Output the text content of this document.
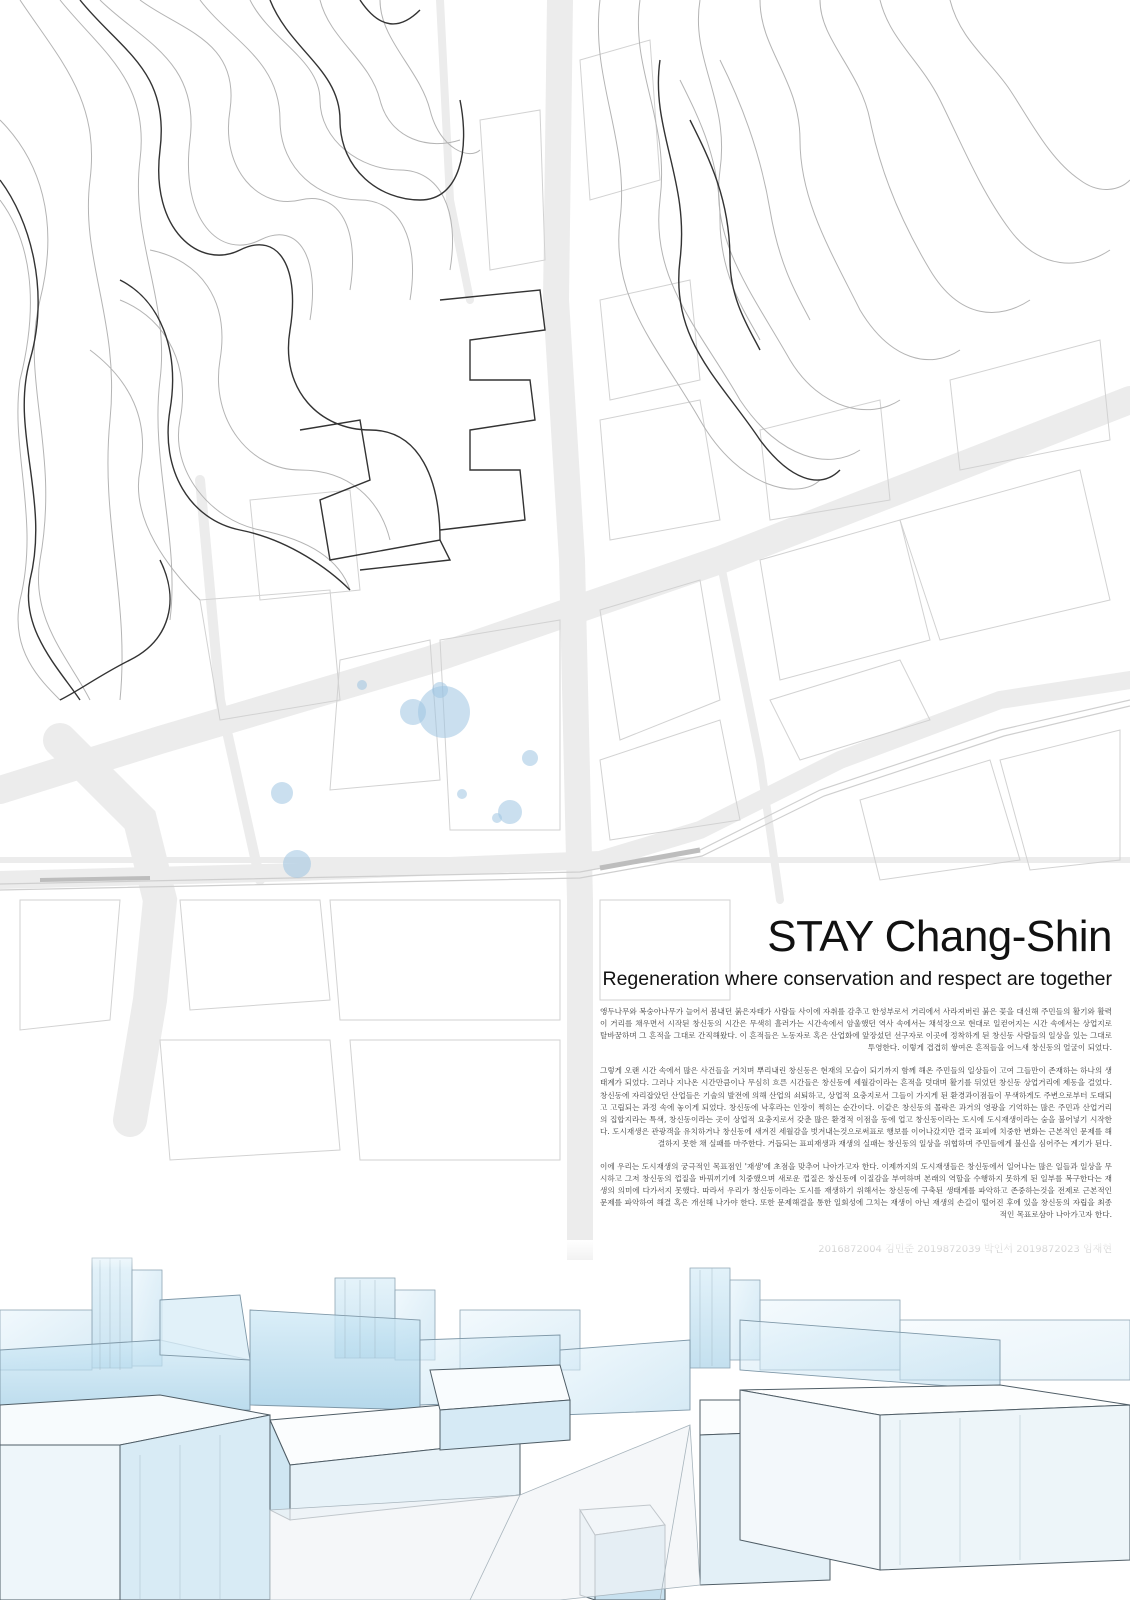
STAY Chang-Shin
Regeneration where conservation and respect are together

앵두나무와 복숭아나무가 늘어서 봄내던 붉은자태가 사람들 사이에 자취를 감추고 한성부로서 거리에서 사라져버린 붉은 꽃을 대신해 주민들의 활기와 활력이 거리를 채우면서 시작된 창신동의 시간은 무색히 흘러가는 시간속에서 암울했던 역사 속에서는 채석장으로 현대로 일컫어지는 시간 속에서는 상업지로 탈바꿈하며 그 흔적을 그대로 간직해왔다. 이 흔적들은 노동자로 혹은 산업화에 앞장섰던 선구자로 이곳에 정착하게 된 창신동 사람들의 일상을 있는 그대로 투영한다. 이렇게 겹겹히 쌓여온 흔적들을 어느새 창신동의 얼굴이 되었다.

그렇게 오랜 시간 속에서 많은 사건들을 거치며 뿌리내린 창신동은 현재의 모습이 되기까지 함께 해온 주민들의 일상들이 고여 그들만이 존재하는 하나의 생태계가 되었다. 그러나 지나온 시간만큼이나 무심히 흐른 시간들은 창신동에 세월감이라는 흔적을 덧대며 활기를 뒤었던 창신동 상업거리에 제동을 걸었다. 창신동에 자리잡았던 산업들은 기술의 발전에 의해 산업의 쇠퇴하고, 상업적 요충지로서 그들이 가지게 된 환경과이점들이 무색하게도 주변으로부터 도태되고 고립되는 과정 속에 놓이게 되었다. 창신동에 낙후라는 인장이 찍히는 순간이다. 이같은 창신동의 몰락은 과거의 영광을 기억하는 많은 주민과 산업거리의 집합지라는 특색, 창신동이라는 곳이 상업적 요충지로서 갖춘 많은 환경적 이점을 동에 업고 창신동이라는 도시에 도시재생이라는 숨을 불어넣기 시작한다. 도시재생은 관광객을 유치하거나 창신동에 새겨진 세월감을 벗겨내는것으로써표로 행보를 이어나갔지만 결국 표피에 치중한 변화는 근본적인 문제를 해결하지 못한 채 실패를 마주한다. 거듭되는 표피재생과 재생의 실패는 창신동의 일상을 위협하며 주민들에게 불신을 심어주는 계기가 된다.

이에 우리는 도시재생의 궁극적인 목표점인 '재생'에 초점을 맞추어 나아가고자 한다. 이제까지의 도시재생들은 창신동에서 일어나는 많은 일들과 일상을 무시하고 그저 창신동의 껍질을 바꿔끼기에 치중했으며 새로운 껍질은 창신동에 이질감을 부여하며 본래의 역할을 수행하지 못하게 된 일부를 복구한다는 재생의 의미에 다가서지 못했다. 따라서 우리가 창신동이라는 도시를 재생하기 위해서는 창신동에 구축된 생태계를 파악하고 존중하는것을 전제로 근본적인 문제를 파악하여 해결 혹은 개선해 나가야 한다. 또한 문제해결을 통한 일회성에 그치는 재생이 아닌 재생의 손길이 떨어진 후에 있을 창신동의 자립을 최종적인 목표로삼아 나아가고자 한다.
